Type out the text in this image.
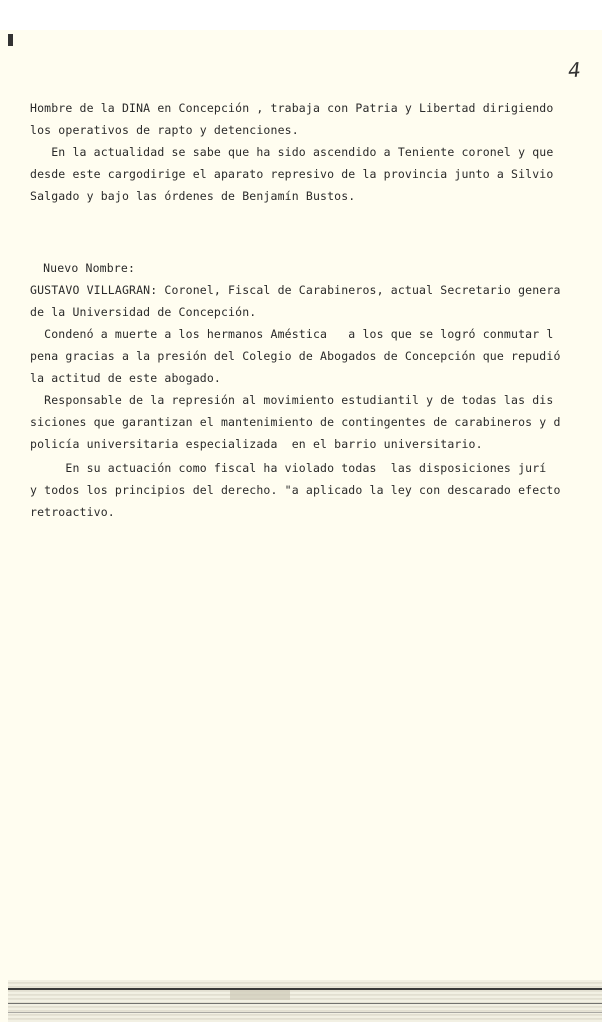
4
Hombre de la DINA en Concepción , trabaja con Patria y Libertad dirigiendo
los operativos de rapto y detenciones.
En la actualidad se sabe que ha sido ascendido a Teniente coronel y que
desde este cargodirige el aparato represivo de la provincia junto a Silvio
Salgado y bajo las órdenes de Benjamín Bustos.
Nuevo Nombre:
GUSTAVO VILLAGRAN: Coronel, Fiscal de Carabineros, actual Secretario genera
de la Universidad de Concepción.
Condenó a muerte a los hermanos Améstica   a los que se logró conmutar l
pena gracias a la presión del Colegio de Abogados de Concepción que repudió
la actitud de este abogado.
Responsable de la represión al movimiento estudiantil y de todas las dis
siciones que garantizan el mantenimiento de contingentes de carabineros y d
policía universitaria especializada  en el barrio universitario.
En su actuación como fiscal ha violado todas  las disposiciones jurí
y todos los principios del derecho. "a aplicado la ley con descarado efecto
retroactivo.
